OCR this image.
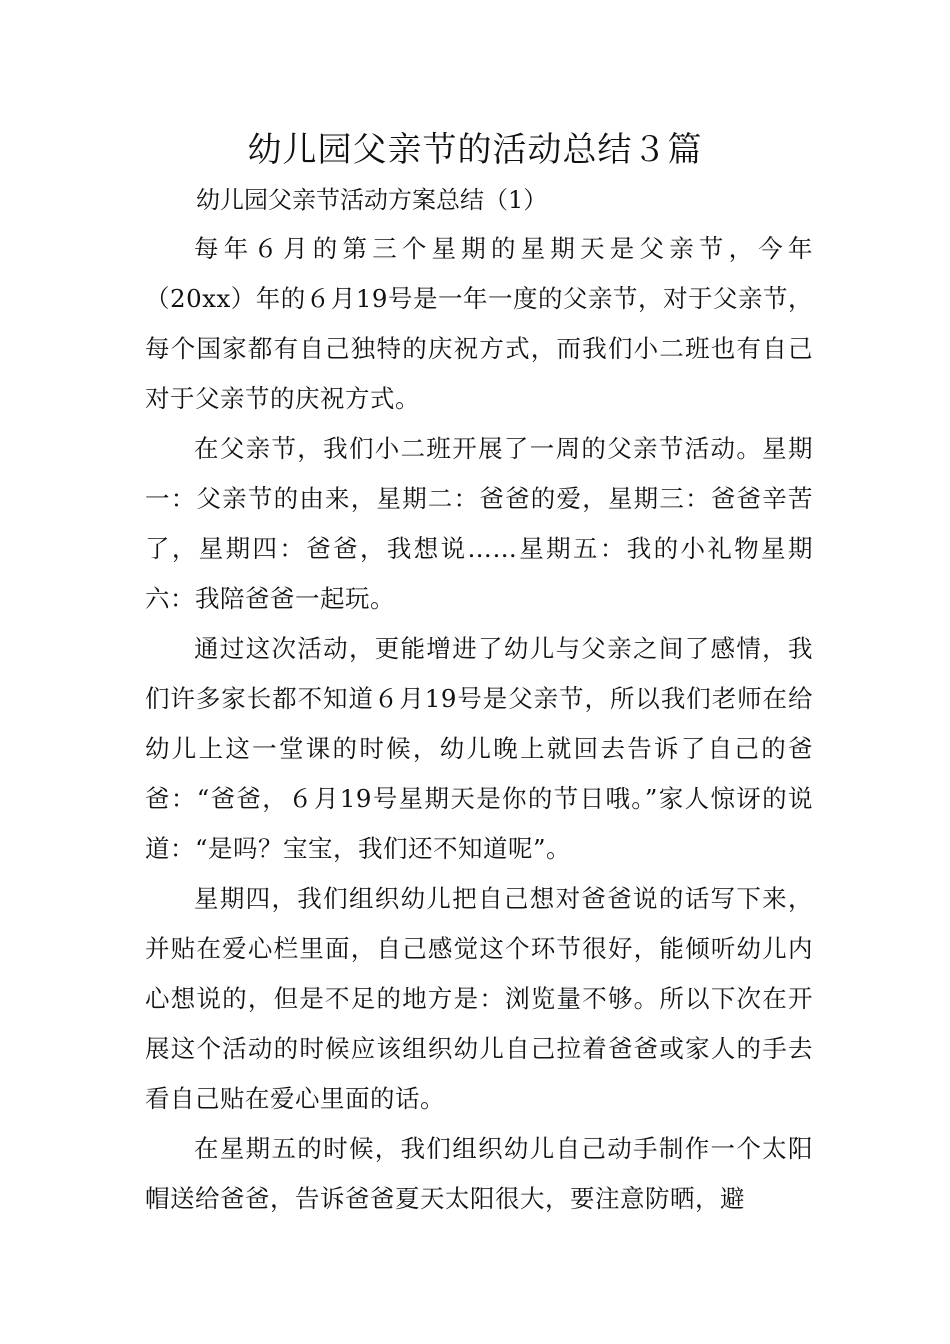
幼儿园父亲节的活动总结３篇
幼儿园父亲节活动方案总结（1）

每年６月的第三个星期的星期天是父亲节，今年（20xx）年的６月19号是一年一度的父亲节，对于父亲节，每个国家都有自己独特的庆祝方式，而我们小二班也有自己对于父亲节的庆祝方式。

在父亲节，我们小二班开展了一周的父亲节活动。星期一：父亲节的由来，星期二：爸爸的爱，星期三：爸爸辛苦了，星期四：爸爸，我想说……星期五：我的小礼物星期六：我陪爸爸一起玩。

通过这次活动，更能增进了幼儿与父亲之间了感情，我们许多家长都不知道６月19号是父亲节，所以我们老师在给幼儿上这一堂课的时候，幼儿晚上就回去告诉了自己的爸爸：“爸爸，６月19号星期天是你的节日哦。”家人惊讶的说道：“是吗？宝宝，我们还不知道呢”。

星期四，我们组织幼儿把自己想对爸爸说的话写下来，并贴在爱心栏里面，自己感觉这个环节很好，能倾听幼儿内心想说的，但是不足的地方是：浏览量不够。所以下次在开展这个活动的时候应该组织幼儿自己拉着爸爸或家人的手去看自己贴在爱心里面的话。

在星期五的时候，我们组织幼儿自己动手制作一个太阳帽送给爸爸，告诉爸爸夏天太阳很大，要注意防晒，避
